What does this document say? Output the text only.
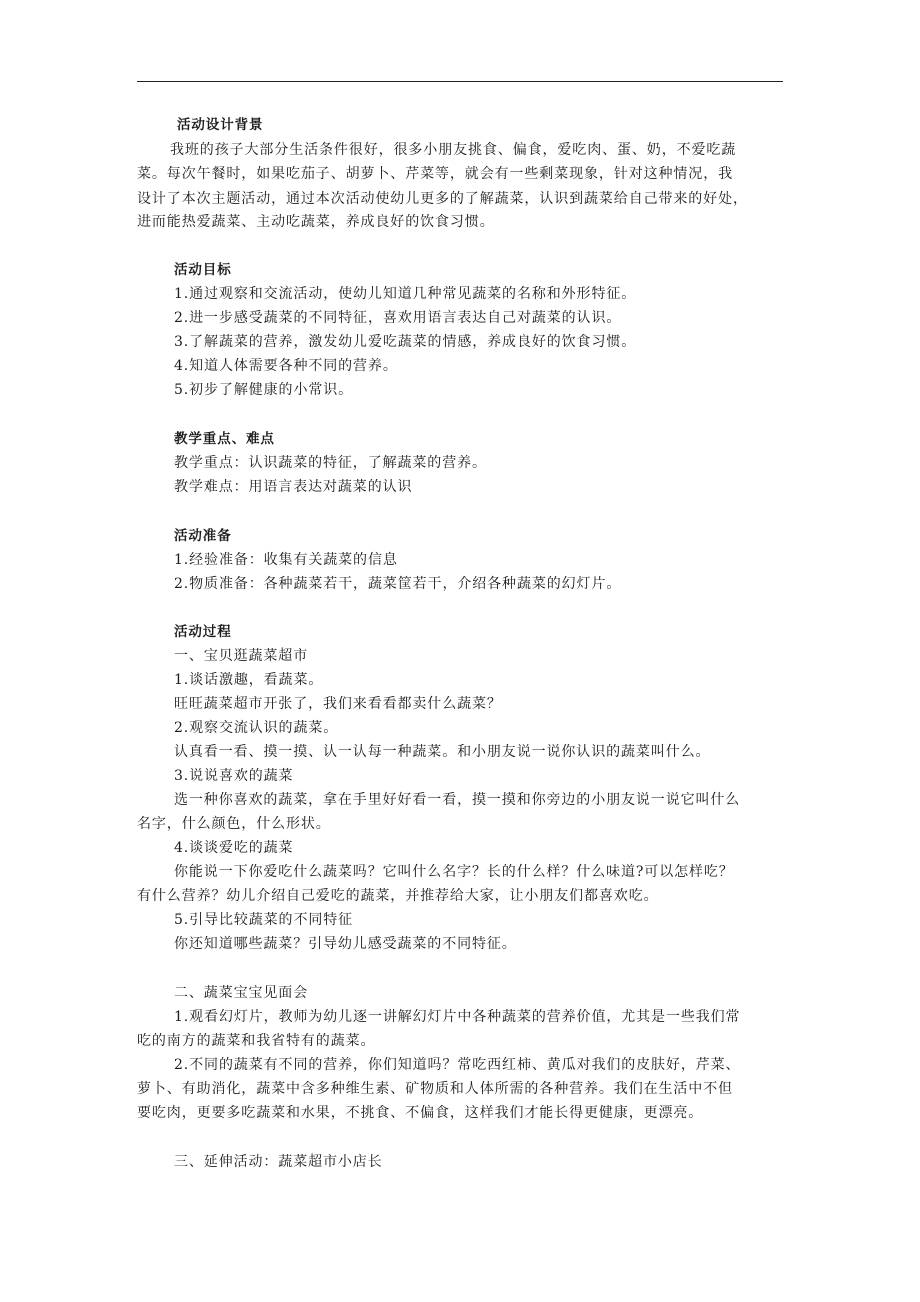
活动设计背景
我班的孩子大部分生活条件很好，很多小朋友挑食、偏食，爱吃肉、蛋、奶，不爱吃蔬
菜。每次午餐时，如果吃茄子、胡萝卜、芹菜等，就会有一些剩菜现象，针对这种情况，我
设计了本次主题活动，通过本次活动使幼儿更多的了解蔬菜，认识到蔬菜给自己带来的好处，
进而能热爱蔬菜、主动吃蔬菜，养成良好的饮食习惯。
活动目标
1.通过观察和交流活动，使幼儿知道几种常见蔬菜的名称和外形特征。
2.进一步感受蔬菜的不同特征，喜欢用语言表达自己对蔬菜的认识。
3.了解蔬菜的营养，激发幼儿爱吃蔬菜的情感，养成良好的饮食习惯。
4.知道人体需要各种不同的营养。
5.初步了解健康的小常识。
教学重点、难点
教学重点：认识蔬菜的特征，了解蔬菜的营养。
教学难点：用语言表达对蔬菜的认识
活动准备
1.经验准备：收集有关蔬菜的信息
2.物质准备：各种蔬菜若干，蔬菜筐若干，介绍各种蔬菜的幻灯片。
活动过程
一、宝贝逛蔬菜超市
1.谈话激趣，看蔬菜。
旺旺蔬菜超市开张了，我们来看看都卖什么蔬菜？
2.观察交流认识的蔬菜。
认真看一看、摸一摸、认一认每一种蔬菜。和小朋友说一说你认识的蔬菜叫什么。
3.说说喜欢的蔬菜
选一种你喜欢的蔬菜，拿在手里好好看一看，摸一摸和你旁边的小朋友说一说它叫什么
名字，什么颜色，什么形状。
4.谈谈爱吃的蔬菜
你能说一下你爱吃什么蔬菜吗？它叫什么名字？长的什么样？什么味道?可以怎样吃？
有什么营养？幼儿介绍自己爱吃的蔬菜，并推荐给大家，让小朋友们都喜欢吃。
5.引导比较蔬菜的不同特征
你还知道哪些蔬菜？引导幼儿感受蔬菜的不同特征。
二、蔬菜宝宝见面会
1.观看幻灯片，教师为幼儿逐一讲解幻灯片中各种蔬菜的营养价值，尤其是一些我们常
吃的南方的蔬菜和我省特有的蔬菜。
2.不同的蔬菜有不同的营养，你们知道吗？常吃西红柿、黄瓜对我们的皮肤好，芹菜、
萝卜、有助消化，蔬菜中含多种维生素、矿物质和人体所需的各种营养。我们在生活中不但
要吃肉，更要多吃蔬菜和水果，不挑食、不偏食，这样我们才能长得更健康，更漂亮。
三、延伸活动：蔬菜超市小店长
